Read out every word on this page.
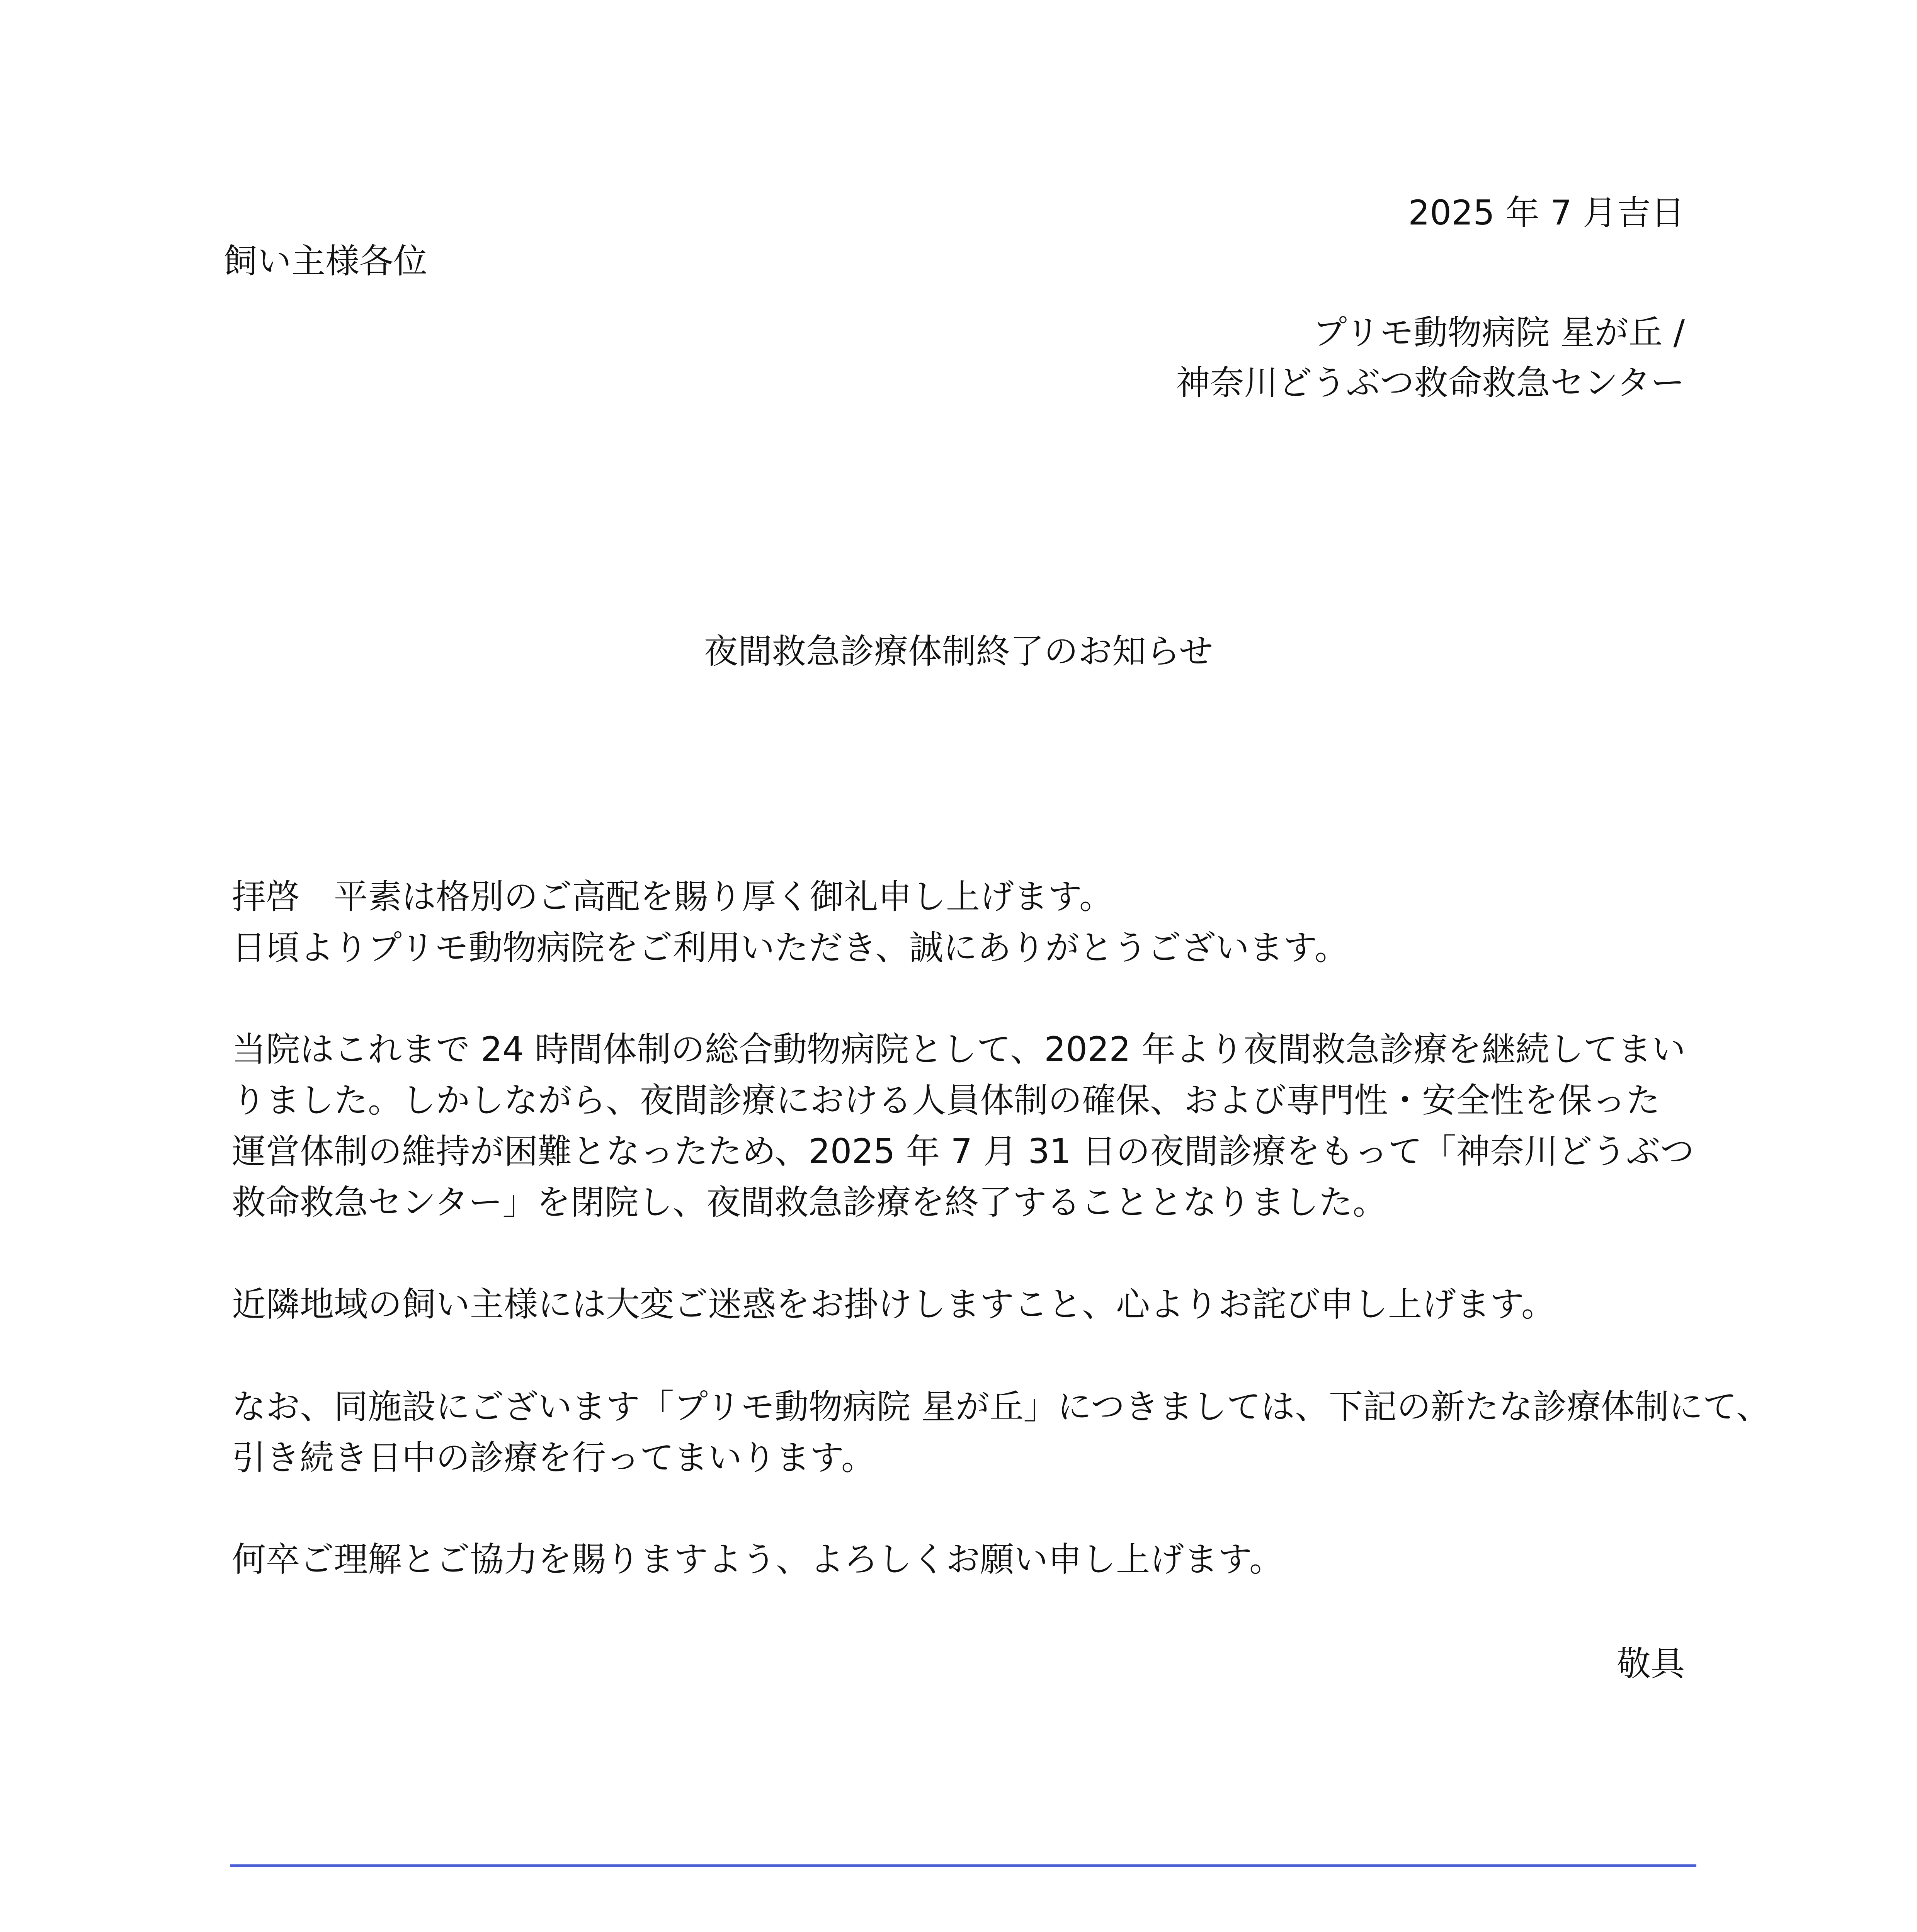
2025 年 7 月吉日
飼い主様各位
プリモ動物病院 星が丘 /
神奈川どうぶつ救命救急センター
夜間救急診療体制終了のお知らせ
拝啓　平素は格別のご高配を賜り厚く御礼申し上げます。
日頃よりプリモ動物病院をご利用いただき、誠にありがとうございます。
当院はこれまで 24 時間体制の総合動物病院として、2022 年より夜間救急診療を継続してまい
りました。しかしながら、夜間診療における人員体制の確保、および専門性・安全性を保った
運営体制の維持が困難となったため、2025 年 7 月 31 日の夜間診療をもって「神奈川どうぶつ
救命救急センター」を閉院し、夜間救急診療を終了することとなりました。
近隣地域の飼い主様には大変ご迷惑をお掛けしますこと、心よりお詫び申し上げます。
なお、同施設にございます「プリモ動物病院 星が丘」につきましては、下記の新たな診療体制にて、
引き続き日中の診療を行ってまいります。
何卒ご理解とご協力を賜りますよう、よろしくお願い申し上げます。
敬具
